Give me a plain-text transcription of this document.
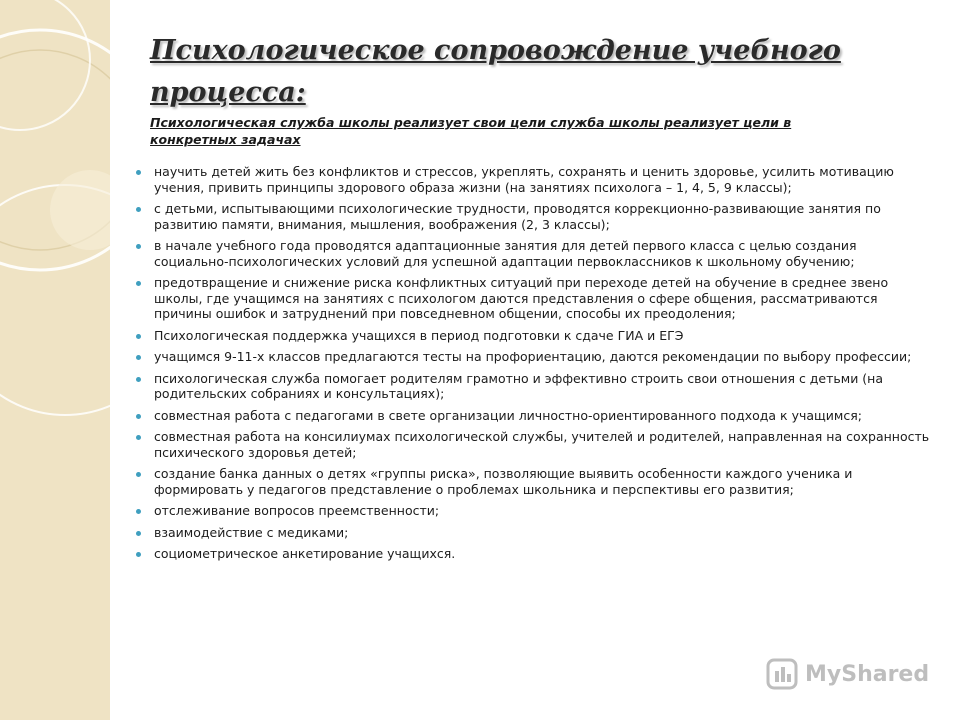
Психологическое сопровождение учебного процесса:
Психологическая служба школы реализует свои цели служба школы реализует цели в конкретных задачах
научить детей жить без конфликтов и стрессов, укреплять, сохранять и ценить здоровье, усилить мотивацию учения, привить принципы здорового образа жизни (на занятиях психолога – 1, 4, 5, 9 классы);
с детьми, испытывающими психологические трудности, проводятся коррекционно-развивающие занятия по развитию памяти, внимания, мышления, воображения (2, 3 классы);
в начале учебного года проводятся адаптационные занятия для детей первого класса с целью создания социально-психологических условий для успешной адаптации первоклассников к школьному обучению;
предотвращение и снижение риска конфликтных ситуаций при переходе детей на обучение в среднее звено школы, где учащимся на занятиях с психологом даются представления о сфере общения, рассматриваются причины ошибок и затруднений при повседневном общении, способы их преодоления;
Психологическая поддержка учащихся в период подготовки к сдаче ГИА и ЕГЭ
учащимся 9-11-х классов предлагаются тесты на профориентацию, даются рекомендации по выбору профессии;
психологическая служба помогает родителям грамотно и эффективно строить свои отношения с детьми (на родительских собраниях и консультациях);
совместная работа с педагогами в свете организации личностно-ориентированного подхода к учащимся;
совместная работа на консилиумах психологической службы, учителей и родителей, направленная на сохранность психического здоровья детей;
создание банка данных о детях «группы риска», позволяющие выявить особенности каждого ученика и формировать у педагогов представление о проблемах школьника и перспективы его развития;
отслеживание вопросов преемственности;
взаимодействие с медиками;
социометрическое анкетирование учащихся.
MyShared
